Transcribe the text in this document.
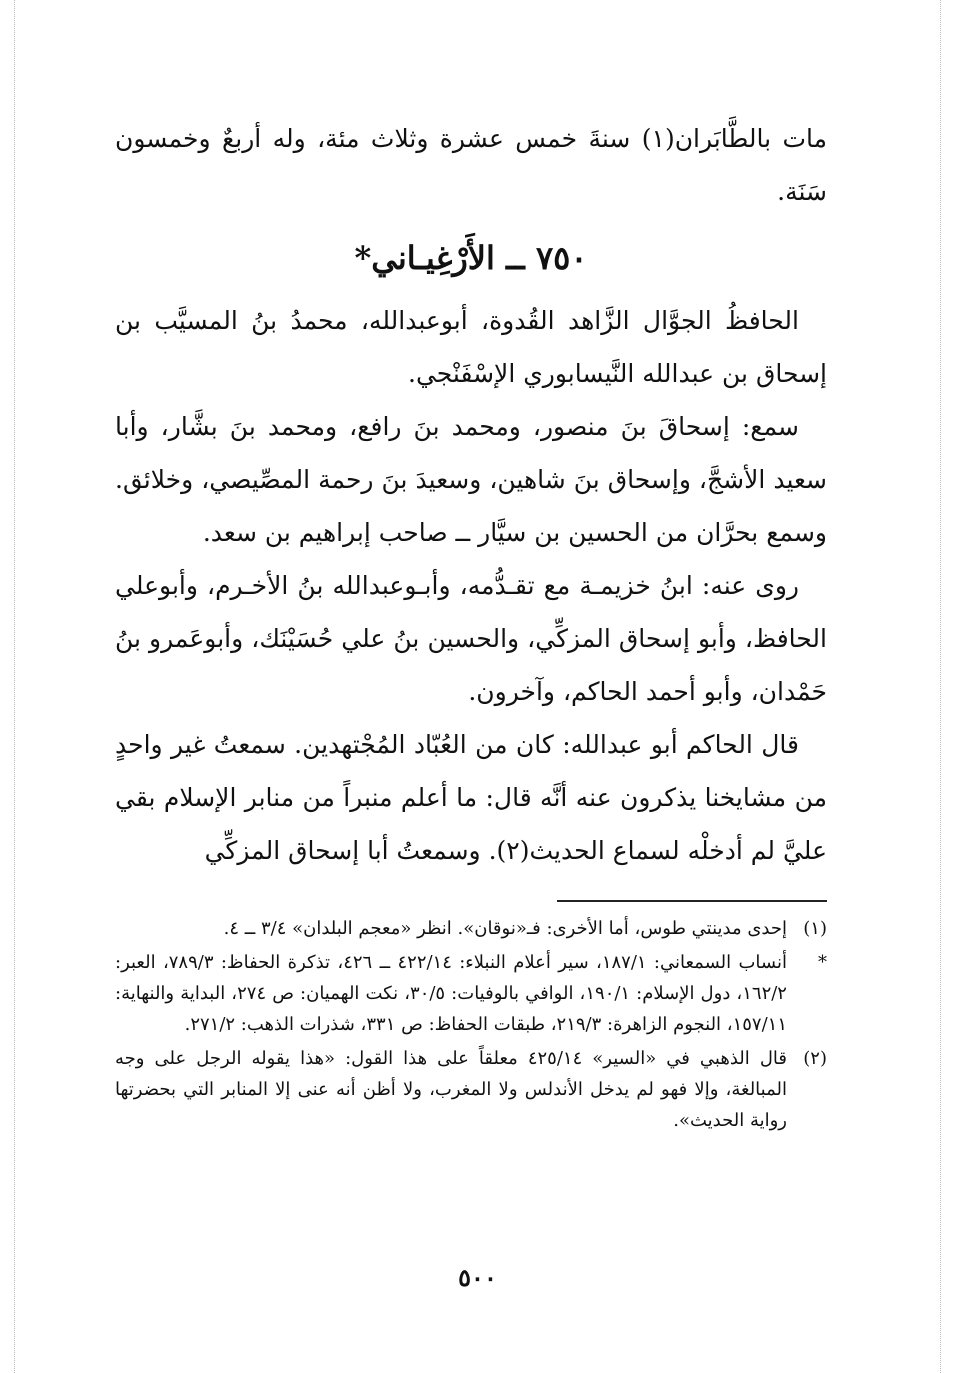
مات بالطَّابَران(١) سنةَ خمس عشرة وثلاث مئة، وله أربعٌ وخمسون سَنَة.

٧٥٠ ــ الأَرْغِيـاني*

الحافظُ الجوَّال الزَّاهد القُدوة، أبوعبدالله، محمدُ بنُ المسيَّب بن إسحاق بن عبدالله النَّيسابوري الإسْفَنْجي.

سمع: إسحاقَ بنَ منصور، ومحمد بنَ رافع، ومحمد بنَ بشَّار، وأبا سعيد الأشجَّ، وإسحاق بنَ شاهين، وسعيدَ بنَ رحمة المصِّيصي، وخلائق. وسمع بحرَّان من الحسين بن سيَّار ــ صاحب إبراهيم بن سعد.

روى عنه: ابنُ خزيمـة مع تقـدُّمه، وأبـوعبدالله بنُ الأخـرم، وأبوعلي الحافظ، وأبو إسحاق المزكِّي، والحسين بنُ علي حُسَيْنَك، وأبوعَمرو بنُ حَمْدان، وأبو أحمد الحاكم، وآخرون.

قال الحاكم أبو عبدالله: كان من العُبّاد المُجْتهدين. سمعتُ غير واحدٍ من مشايخنا يذكرون عنه أنَّه قال: ما أعلم منبراً من منابر الإسلام بقي عليَّ لم أدخلْه لسماع الحديث(٢). وسمعتُ أبا إسحاق المزكِّي

(١)
إحدى مدينتي طوس، أما الأخرى: فـ«نوقان». انظر «معجم البلدان» ٣/٤ ــ ٤.
*
أنساب السمعاني: ١٨٧/١، سير أعلام النبلاء: ٤٢٢/١٤ ــ ٤٢٦، تذكرة الحفاظ: ٧٨٩/٣، العبر: ١٦٢/٢، دول الإسلام: ١٩٠/١، الوافي بالوفيات: ٣٠/٥، نكت الهميان: ص ٢٧٤، البداية والنهاية: ١٥٧/١١، النجوم الزاهرة: ٢١٩/٣، طبقات الحفاظ: ص ٣٣١، شذرات الذهب: ٢٧١/٢.
(٢)
قال الذهبي في «السير» ٤٢٥/١٤ معلقاً على هذا القول: «هذا يقوله الرجل على وجه المبالغة، وإلا فهو لم يدخل الأندلس ولا المغرب، ولا أظن أنه عنى إلا المنابر التي بحضرتها رواية الحديث».
٥٠٠
